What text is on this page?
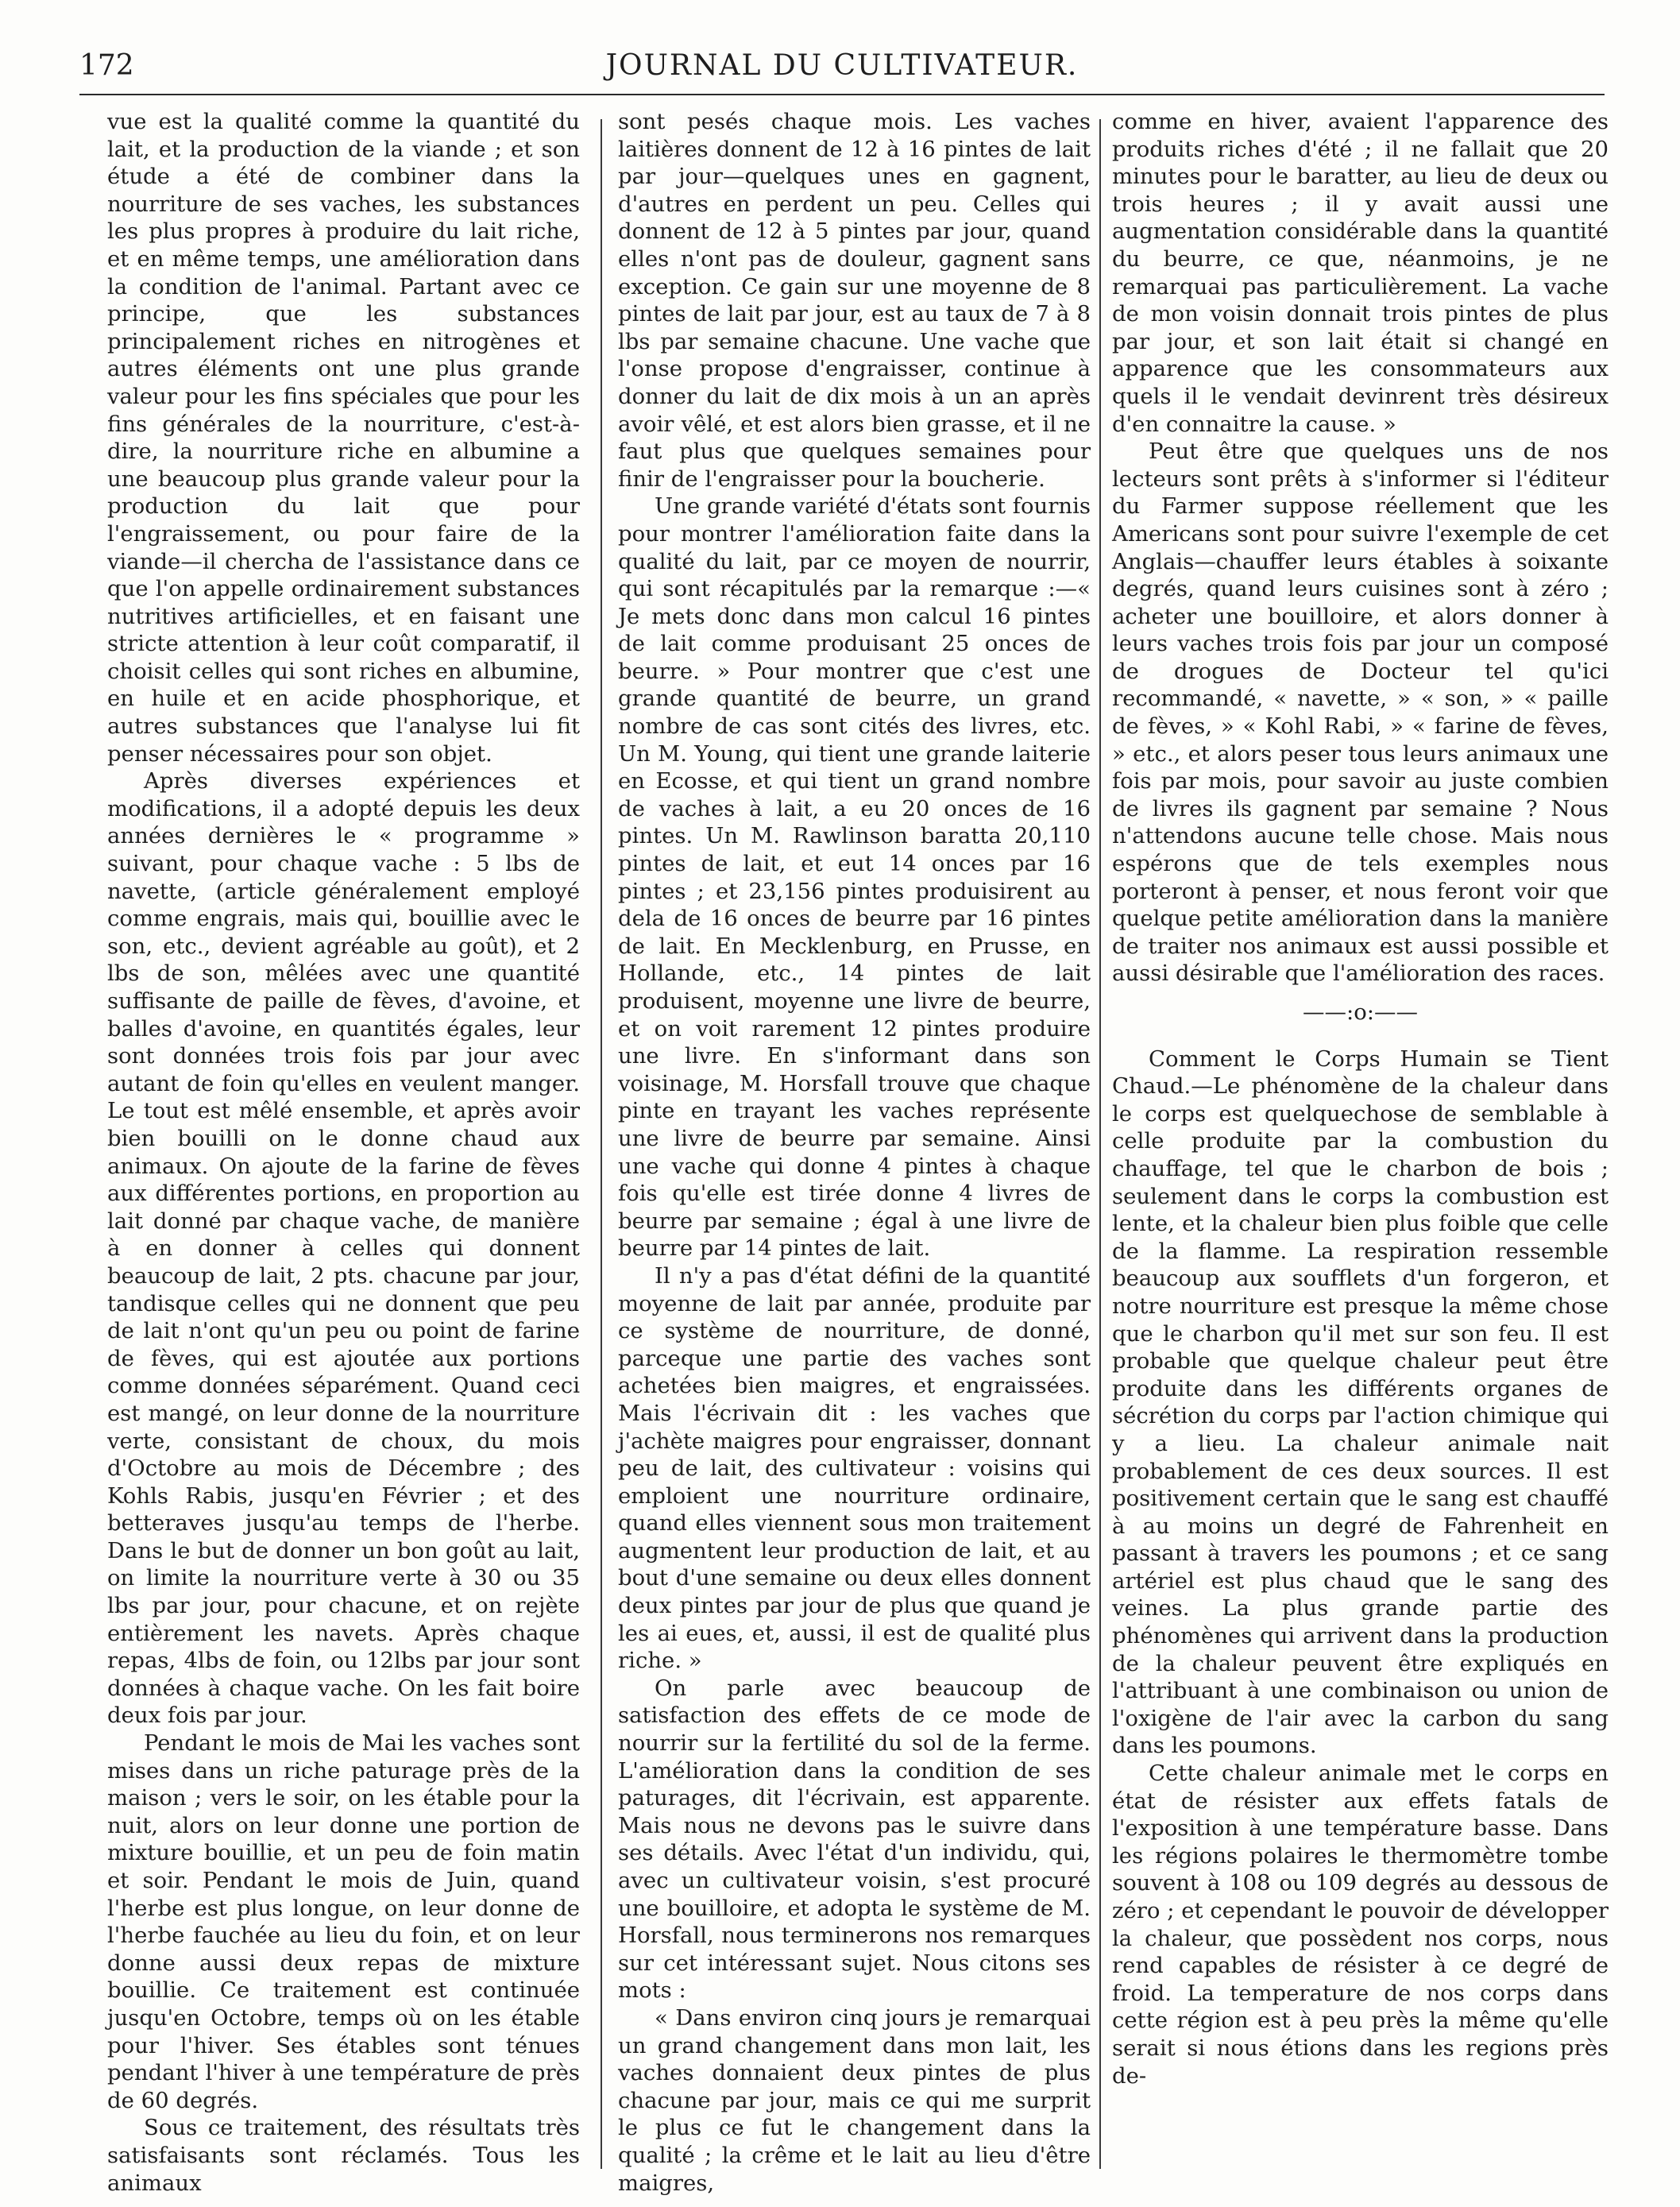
172	JOURNAL DU CULTIVATEUR.

vue est la qualité comme la quantité du lait, et la production de la viande ; et son étude a été de combiner dans la nourriture de ses vaches, les substances les plus propres à produire du lait riche, et en même temps, une amélioration dans la condition de l'animal. Partant avec ce principe, que les substances principalement riches en nitrogènes et autres éléments ont une plus grande valeur pour les fins spéciales que pour les fins générales de la nourriture, c'est-à-dire, la nourriture riche en albumine a une beaucoup plus grande valeur pour la production du lait que pour l'engraissement, ou pour faire de la viande—il chercha de l'assistance dans ce que l'on appelle ordinairement substances nutritives artificielles, et en faisant une stricte attention à leur coût comparatif, il choisit celles qui sont riches en albumine, en huile et en acide phosphorique, et autres substances que l'analyse lui fit penser nécessaires pour son objet.

Après diverses expériences et modifications, il a adopté depuis les deux années dernières le « programme » suivant, pour chaque vache : 5 lbs de navette, (article généralement employé comme engrais, mais qui, bouillie avec le son, etc., devient agréable au goût), et 2 lbs de son, mêlées avec une quantité suffisante de paille de fèves, d'avoine, et balles d'avoine, en quantités égales, leur sont données trois fois par jour avec autant de foin qu'elles en veulent manger. Le tout est mêlé ensemble, et après avoir bien bouilli on le donne chaud aux animaux. On ajoute de la farine de fèves aux différentes portions, en proportion au lait donné par chaque vache, de manière à en donner à celles qui donnent beaucoup de lait, 2 pts. chacune par jour, tandisque celles qui ne donnent que peu de lait n'ont qu'un peu ou point de farine de fèves, qui est ajoutée aux portions comme données séparément. Quand ceci est mangé, on leur donne de la nourriture verte, consistant de choux, du mois d'Octobre au mois de Décembre ; des Kohls Rabis, jusqu'en Février ; et des betteraves jusqu'au temps de l'herbe. Dans le but de donner un bon goût au lait, on limite la nourriture verte à 30 ou 35 lbs par jour, pour chacune, et on rejète entièrement les navets. Après chaque repas, 4lbs de foin, ou 12lbs par jour sont données à chaque vache. On les fait boire deux fois par jour.

Pendant le mois de Mai les vaches sont mises dans un riche paturage près de la maison ; vers le soir, on les étable pour la nuit, alors on leur donne une portion de mixture bouillie, et un peu de foin matin et soir. Pendant le mois de Juin, quand l'herbe est plus longue, on leur donne de l'herbe fauchée au lieu du foin, et on leur donne aussi deux repas de mixture bouillie. Ce traitement est continuée jusqu'en Octobre, temps où on les étable pour l'hiver. Ses étables sont ténues pendant l'hiver à une température de près de 60 degrés.

Sous ce traitement, des résultats très satisfaisants sont réclamés. Tous les animaux

sont pesés chaque mois. Les vaches laitières donnent de 12 à 16 pintes de lait par jour—quelques unes en gagnent, d'autres en perdent un peu. Celles qui donnent de 12 à 5 pintes par jour, quand elles n'ont pas de douleur, gagnent sans exception. Ce gain sur une moyenne de 8 pintes de lait par jour, est au taux de 7 à 8 lbs par semaine chacune. Une vache que l'onse propose d'engraisser, continue à donner du lait de dix mois à un an après avoir vêlé, et est alors bien grasse, et il ne faut plus que quelques semaines pour finir de l'engraisser pour la boucherie.

Une grande variété d'états sont fournis pour montrer l'amélioration faite dans la qualité du lait, par ce moyen de nourrir, qui sont récapitulés par la remarque :—« Je mets donc dans mon calcul 16 pintes de lait comme produisant 25 onces de beurre. » Pour montrer que c'est une grande quantité de beurre, un grand nombre de cas sont cités des livres, etc. Un M. Young, qui tient une grande laiterie en Ecosse, et qui tient un grand nombre de vaches à lait, a eu 20 onces de 16 pintes. Un M. Rawlinson baratta 20,110 pintes de lait, et eut 14 onces par 16 pintes ; et 23,156 pintes produisirent au dela de 16 onces de beurre par 16 pintes de lait. En Mecklenburg, en Prusse, en Hollande, etc., 14 pintes de lait produisent, moyenne une livre de beurre, et on voit rarement 12 pintes produire une livre. En s'informant dans son voisinage, M. Horsfall trouve que chaque pinte en trayant les vaches représente une livre de beurre par semaine. Ainsi une vache qui donne 4 pintes à chaque fois qu'elle est tirée donne 4 livres de beurre par semaine ; égal à une livre de beurre par 14 pintes de lait.

Il n'y a pas d'état défini de la quantité moyenne de lait par année, produite par ce système de nourriture, de donné, parceque une partie des vaches sont achetées bien maigres, et engraissées. Mais l'écrivain dit : les vaches que j'achète maigres pour engraisser, donnant peu de lait, des cultivateur : voisins qui emploient une nourriture ordinaire, quand elles viennent sous mon traitement augmentent leur production de lait, et au bout d'une semaine ou deux elles donnent deux pintes par jour de plus que quand je les ai eues, et, aussi, il est de qualité plus riche. »

On parle avec beaucoup de satisfaction des effets de ce mode de nourrir sur la fertilité du sol de la ferme. L'amélioration dans la condition de ses paturages, dit l'écrivain, est apparente. Mais nous ne devons pas le suivre dans ses détails. Avec l'état d'un individu, qui, avec un cultivateur voisin, s'est procuré une bouilloire, et adopta le système de M. Horsfall, nous terminerons nos remarques sur cet intéressant sujet. Nous citons ses mots :

« Dans environ cinq jours je remarquai un grand changement dans mon lait, les vaches donnaient deux pintes de plus chacune par jour, mais ce qui me surprit le plus ce fut le changement dans la qualité ; la crême et le lait au lieu d'être maigres,

comme en hiver, avaient l'apparence des produits riches d'été ; il ne fallait que 20 minutes pour le baratter, au lieu de deux ou trois heures ; il y avait aussi une augmentation considérable dans la quantité du beurre, ce que, néanmoins, je ne remarquai pas particulièrement. La vache de mon voisin donnait trois pintes de plus par jour, et son lait était si changé en apparence que les consommateurs aux quels il le vendait devinrent très désireux d'en connaitre la cause. »

Peut être que quelques uns de nos lecteurs sont prêts à s'informer si l'éditeur du Farmer suppose réellement que les Americans sont pour suivre l'exemple de cet Anglais—chauffer leurs étables à soixante degrés, quand leurs cuisines sont à zéro ; acheter une bouilloire, et alors donner à leurs vaches trois fois par jour un composé de drogues de Docteur tel qu'ici recommandé, « navette, » « son, » « paille de fèves, » « Kohl Rabi, » « farine de fèves, » etc., et alors peser tous leurs animaux une fois par mois, pour savoir au juste combien de livres ils gagnent par semaine ? Nous n'attendons aucune telle chose. Mais nous espérons que de tels exemples nous porteront à penser, et nous feront voir que quelque petite amélioration dans la manière de traiter nos animaux est aussi possible et aussi désirable que l'amélioration des races.

——:o:——

Comment le Corps Humain se Tient Chaud.—Le phénomène de la chaleur dans le corps est quelquechose de semblable à celle produite par la combustion du chauffage, tel que le charbon de bois ; seulement dans le corps la combustion est lente, et la chaleur bien plus foible que celle de la flamme. La respiration ressemble beaucoup aux soufflets d'un forgeron, et notre nourriture est presque la même chose que le charbon qu'il met sur son feu. Il est probable que quelque chaleur peut être produite dans les différents organes de sécrétion du corps par l'action chimique qui y a lieu. La chaleur animale nait probablement de ces deux sources. Il est positivement certain que le sang est chauffé à au moins un degré de Fahrenheit en passant à travers les poumons ; et ce sang artériel est plus chaud que le sang des veines. La plus grande partie des phénomènes qui arrivent dans la production de la chaleur peuvent être expliqués en l'attribuant à une combinaison ou union de l'oxigène de l'air avec la carbon du sang dans les poumons.

Cette chaleur animale met le corps en état de résister aux effets fatals de l'exposition à une température basse. Dans les régions polaires le thermomètre tombe souvent à 108 ou 109 degrés au dessous de zéro ; et cependant le pouvoir de développer la chaleur, que possèdent nos corps, nous rend capables de résister à ce degré de froid. La temperature de nos corps dans cette région est à peu près la même qu'elle serait si nous étions dans les regions près de-
